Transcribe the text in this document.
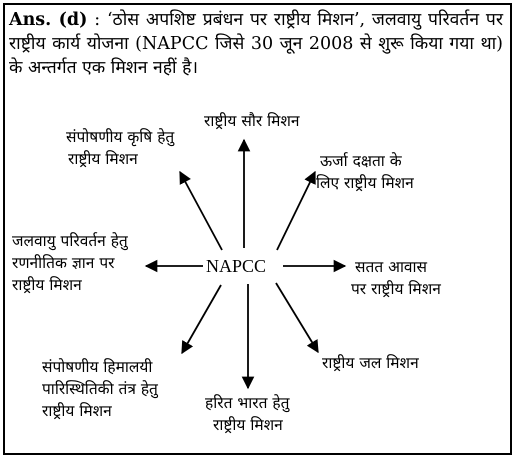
Ans. (d) : ‘ठोस अपशिष्ट प्रबंधन पर राष्ट्रीय मिशन’, जलवायु परिवर्तन पर राष्ट्रीय कार्य योजना (NAPCC जिसे 30 जून 2008 से शुरू किया गया था) के अन्तर्गत एक मिशन नहीं है।
NAPCC
राष्ट्रीय सौर मिशन
ऊर्जा दक्षता के
लिए राष्ट्रीय मिशन
सतत आवास
पर राष्ट्रीय मिशन
राष्ट्रीय जल मिशन
हरित भारत हेतु
राष्ट्रीय मिशन
संपोषणीय हिमालयी
पारिस्थितिकी तंत्र हेतु
राष्ट्रीय मिशन
जलवायु परिवर्तन हेतु
रणनीतिक ज्ञान पर
राष्ट्रीय मिशन
संपोषणीय कृषि हेतु
राष्ट्रीय मिशन
